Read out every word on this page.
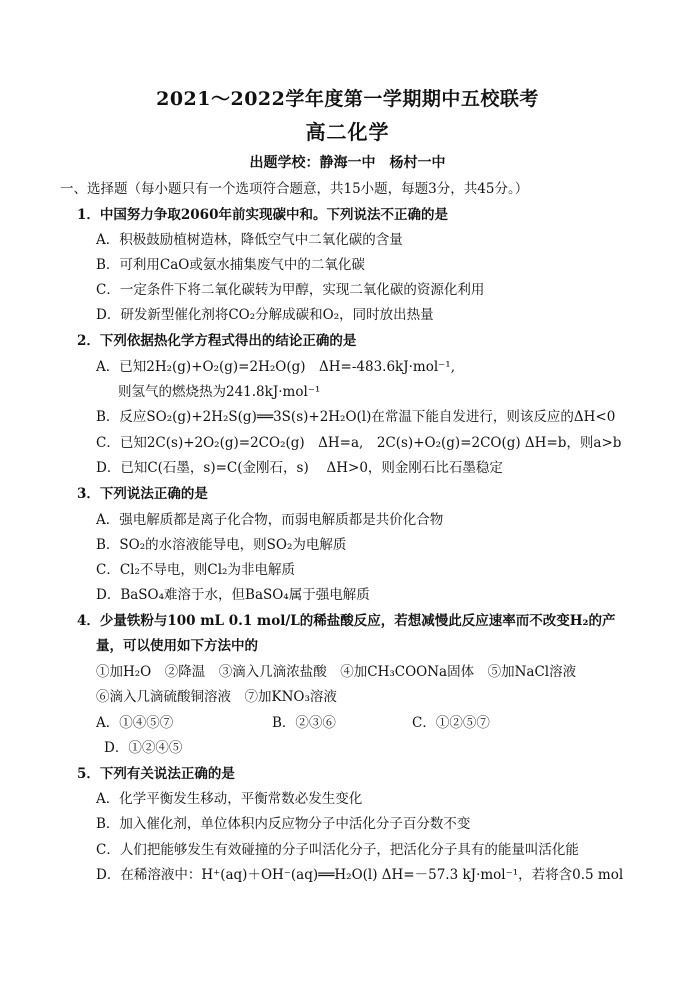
2021～2022学年度第一学期期中五校联考
高二化学
出题学校：静海一中　杨村一中
一、选择题（每小题只有一个选项符合题意，共15小题，每题3分，共45分。）
1．中国努力争取2060年前实现碳中和。下列说法不正确的是
A．积极鼓励植树造林，降低空气中二氧化碳的含量
B．可利用CaO或氨水捕集废气中的二氧化碳
C．一定条件下将二氧化碳转为甲醇，实现二氧化碳的资源化利用
D．研发新型催化剂将CO₂分解成碳和O₂，同时放出热量
2．下列依据热化学方程式得出的结论正确的是
A．已知2H₂(g)+O₂(g)=2H₂O(g)　ΔH=-483.6kJ·mol⁻¹,
则氢气的燃烧热为241.8kJ·mol⁻¹
B．反应SO₂(g)+2H₂S(g)══3S(s)+2H₂O(l)在常温下能自发进行，则该反应的ΔH<0
C．已知2C(s)+2O₂(g)=2CO₂(g)　ΔH=a,　2C(s)+O₂(g)=2CO(g) ΔH=b，则a>b
D．已知C(石墨，s)=C(金刚石，s)　 ΔH>0，则金刚石比石墨稳定
3．下列说法正确的是
A．强电解质都是离子化合物，而弱电解质都是共价化合物
B．SO₂的水溶液能导电，则SO₂为电解质
C．Cl₂不导电，则Cl₂为非电解质
D．BaSO₄难溶于水，但BaSO₄属于强电解质
4．少量铁粉与100 mL 0.1 mol/L的稀盐酸反应，若想减慢此反应速率而不改变H₂的产
量，可以使用如下方法中的
①加H₂O　②降温　③滴入几滴浓盐酸　④加CH₃COONa固体　⑤加NaCl溶液
⑥滴入几滴硫酸铜溶液　⑦加KNO₃溶液
A．①④⑤⑦	B．②③⑥	C．①②⑤⑦
D．①②④⑤
5．下列有关说法正确的是
A．化学平衡发生移动，平衡常数必发生变化
B．加入催化剂，单位体积内反应物分子中活化分子百分数不变
C．人们把能够发生有效碰撞的分子叫活化分子，把活化分子具有的能量叫活化能
D．在稀溶液中：H⁺(aq)＋OH⁻(aq)══H₂O(l) ΔH=－57.3 kJ·mol⁻¹，若将含0.5 mol
